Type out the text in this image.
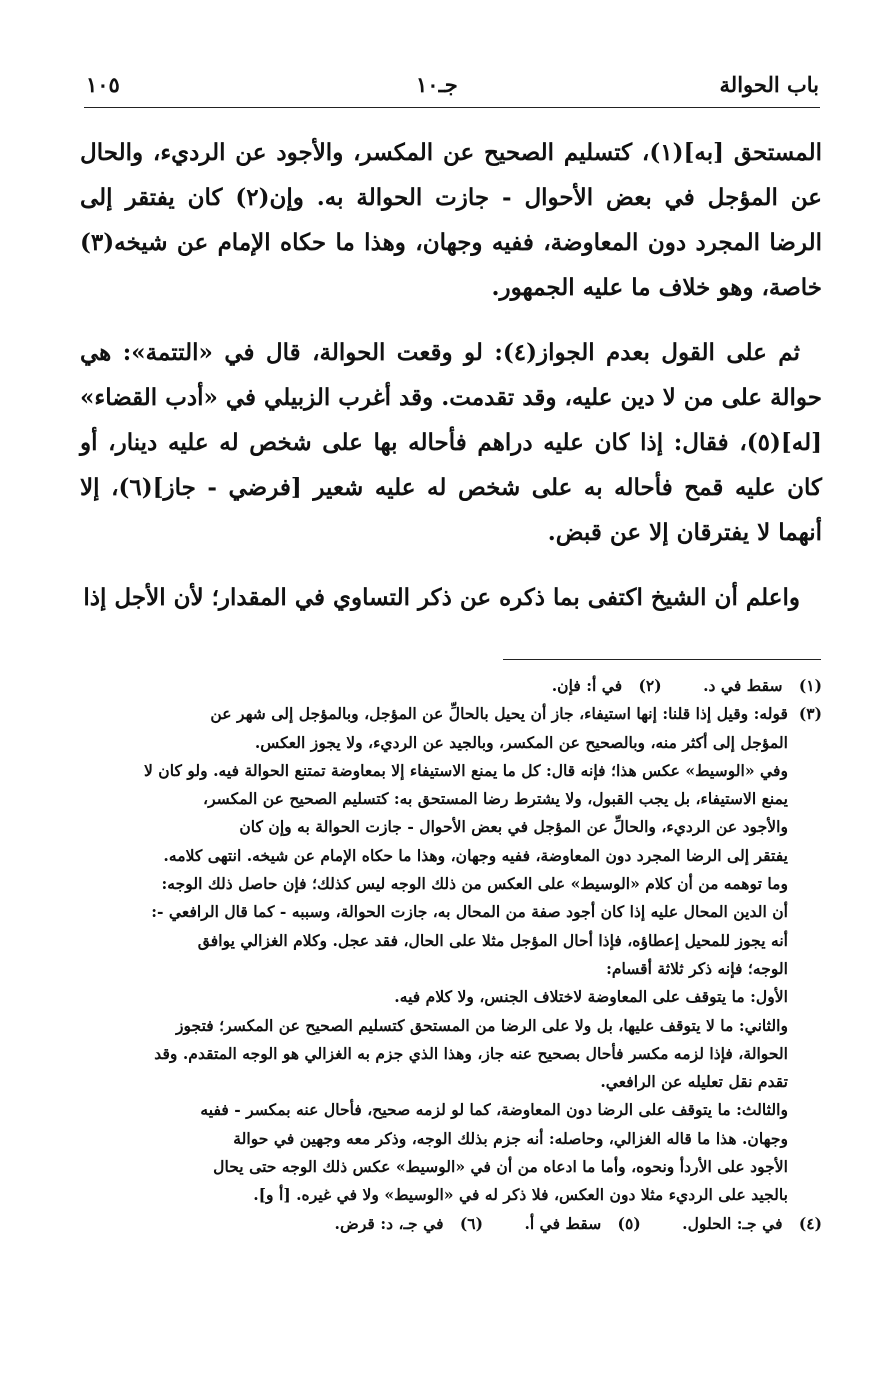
باب الحوالة
جـ١٠
١٠٥

المستحق [به](١)، كتسليم الصحيح عن المكسر، والأجود عن الرديء، والحال عن المؤجل في بعض الأحوال - جازت الحوالة به. وإن(٢) كان يفتقر إلى الرضا المجرد دون المعاوضة، ففيه وجهان، وهذا ما حكاه الإمام عن شيخه(٣) خاصة، وهو خلاف ما عليه الجمهور.

ثم على القول بعدم الجواز(٤): لو وقعت الحوالة، قال في «التتمة»: هي حوالة على من لا دين عليه، وقد تقدمت. وقد أغرب الزبيلي في «أدب القضاء» [له](٥)، فقال: إذا كان عليه دراهم فأحاله بها على شخص له عليه دينار، أو كان عليه قمح فأحاله به على شخص له عليه شعير [فرضي - جاز](٦)، إلا أنهما لا يفترقان إلا عن قبض.

واعلم أن الشيخ اكتفى بما ذكره عن ذكر التساوي في المقدار؛ لأن الأجل إذا

(١) سقط في د. (٢) في أ: فإن.
(٣)
قوله: وقيل إذا قلنا: إنها استيفاء، جاز أن يحيل بالحالِّ عن المؤجل، وبالمؤجل إلى شهر عن
المؤجل إلى أكثر منه، وبالصحيح عن المكسر، وبالجيد عن الرديء، ولا يجوز العكس.
وفي «الوسيط» عكس هذا؛ فإنه قال: كل ما يمنع الاستيفاء إلا بمعاوضة تمتنع الحوالة فيه. ولو كان لا
يمنع الاستيفاء، بل يجب القبول، ولا يشترط رضا المستحق به: كتسليم الصحيح عن المكسر،
والأجود عن الرديء، والحالِّ عن المؤجل في بعض الأحوال - جازت الحوالة به وإن كان
يفتقر إلى الرضا المجرد دون المعاوضة، ففيه وجهان، وهذا ما حكاه الإمام عن شيخه. انتهى كلامه.
وما توهمه من أن كلام «الوسيط» على العكس من ذلك الوجه ليس كذلك؛ فإن حاصل ذلك الوجه:
أن الدين المحال عليه إذا كان أجود صفة من المحال به، جازت الحوالة، وسببه - كما قال الرافعي -:
أنه يجوز للمحيل إعطاؤه، فإذا أحال المؤجل مثلا على الحال، فقد عجل. وكلام الغزالي يوافق
الوجه؛ فإنه ذكر ثلاثة أقسام:
الأول: ما يتوقف على المعاوضة لاختلاف الجنس، ولا كلام فيه.
والثاني: ما لا يتوقف عليها، بل ولا على الرضا من المستحق كتسليم الصحيح عن المكسر؛ فتجوز
الحوالة، فإذا لزمه مكسر فأحال بصحيح عنه جاز، وهذا الذي جزم به الغزالي هو الوجه المتقدم. وقد
تقدم نقل تعليله عن الرافعي.
والثالث: ما يتوقف على الرضا دون المعاوضة، كما لو لزمه صحيح، فأحال عنه بمكسر - ففيه
وجهان. هذا ما قاله الغزالي، وحاصله: أنه جزم بذلك الوجه، وذكر معه وجهين في حوالة
الأجود على الأردأ ونحوه، وأما ما ادعاه من أن في «الوسيط» عكس ذلك الوجه حتى يحال
بالجيد على الرديء مثلا دون العكس، فلا ذكر له في «الوسيط» ولا في غيره. [أ و].
(٤) في جـ: الحلول. (٥) سقط في أ. (٦) في جـ، د: قرض.
